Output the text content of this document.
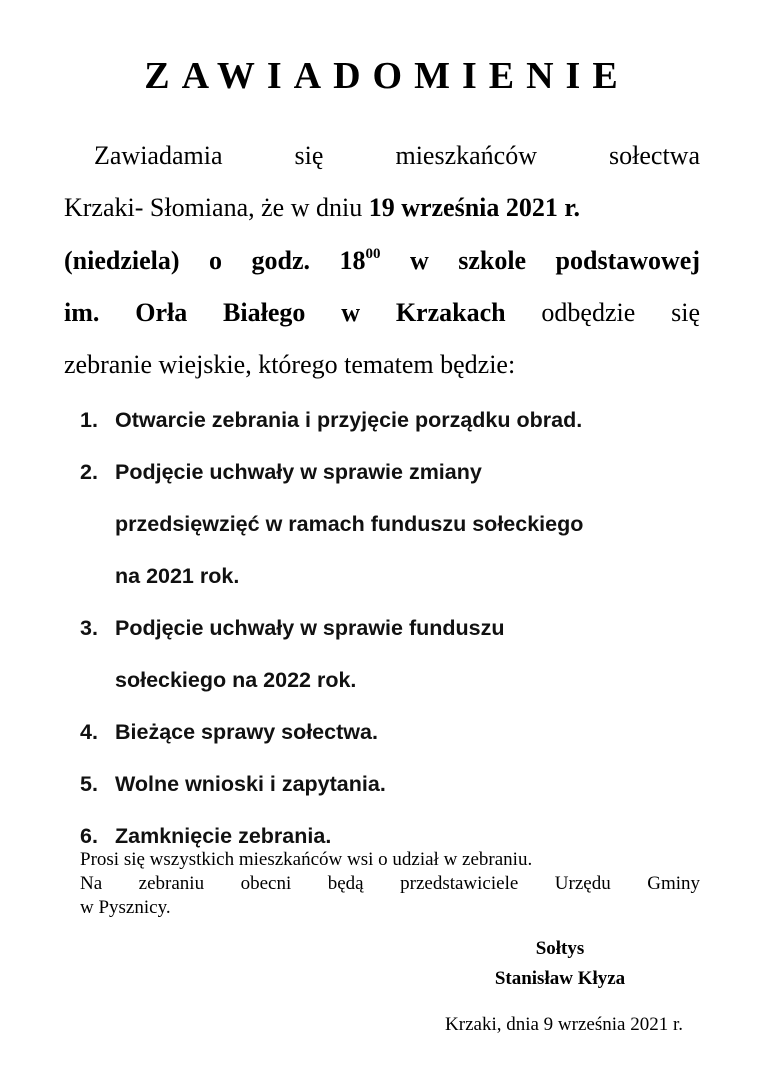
ZAWIADOMIENIE
Zawiadamia się mieszkańców sołectwa
Krzaki- Słomiana, że w dniu 19 września 2021 r.
(niedziela) o godz. $18^{00}$ w szkole podstawowej
im. Orła Białego w Krzakach odbędzie się
zebranie wiejskie, którego tematem będzie:
1. Otwarcie zebrania i przyjęcie porządku obrad.
2. Podjęcie uchwały w sprawie zmiany
przedsięwzięć w ramach funduszu sołeckiego
na 2021 rok.
3. Podjęcie uchwały w sprawie funduszu
sołeckiego na 2022 rok.
4. Bieżące sprawy sołectwa.
5. Wolne wnioski i zapytania.
6. Zamknięcie zebrania.
Prosi się wszystkich mieszkańców wsi o udział w zebraniu.
Na zebraniu obecni będą przedstawiciele Urzędu Gminy
w Pysznicy.
Sołtys
Stanisław Kłyza
Krzaki, dnia 9 września 2021 r.
